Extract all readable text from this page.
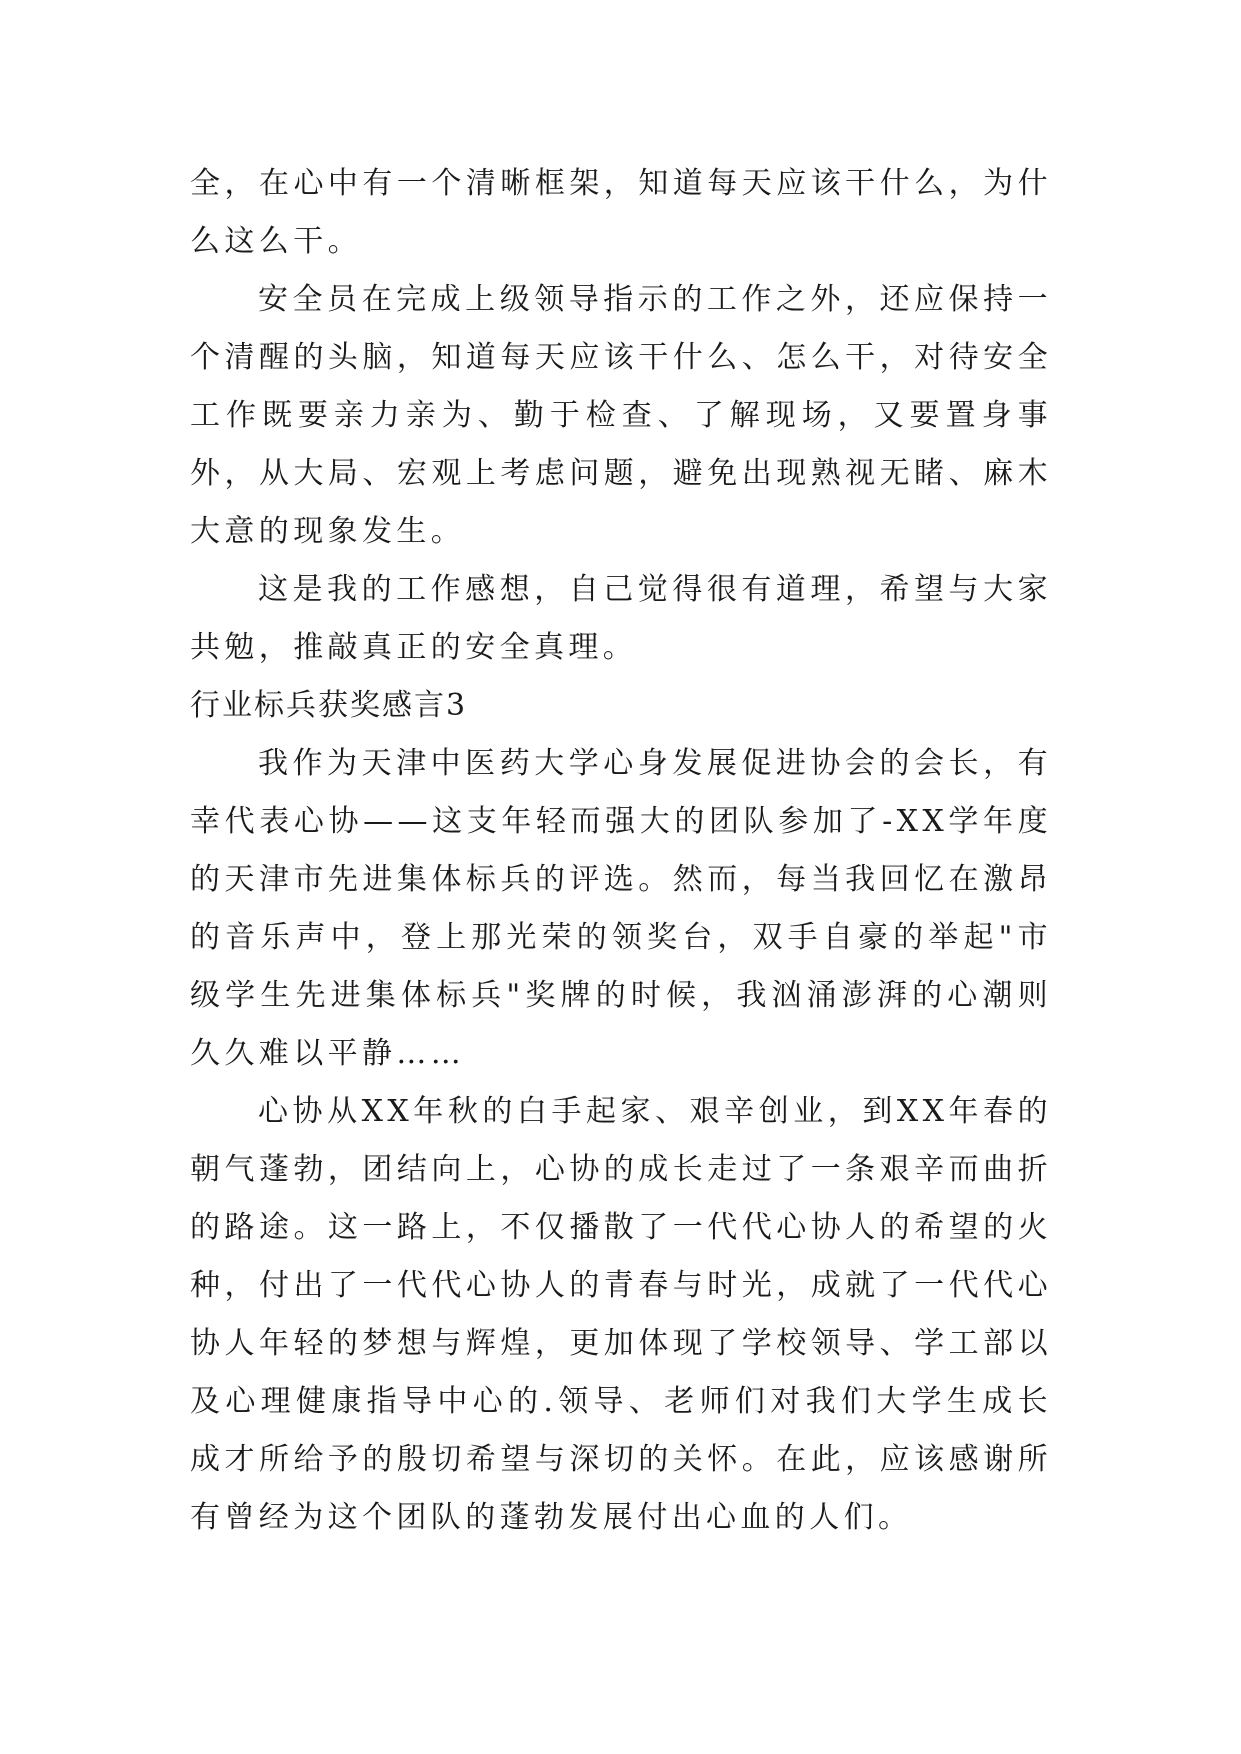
全，在心中有一个清晰框架，知道每天应该干什么，为什么这么干。

安全员在完成上级领导指示的工作之外，还应保持一个清醒的头脑，知道每天应该干什么、怎么干，对待安全工作既要亲力亲为、勤于检查、了解现场，又要置身事外，从大局、宏观上考虑问题，避免出现熟视无睹、麻木大意的现象发生。

这是我的工作感想，自己觉得很有道理，希望与大家共勉，推敲真正的安全真理。

行业标兵获奖感言3

我作为天津中医药大学心身发展促进协会的会长，有幸代表心协——这支年轻而强大的团队参加了-XX学年度的天津市先进集体标兵的评选。然而，每当我回忆在激昂的音乐声中，登上那光荣的领奖台，双手自豪的举起"市级学生先进集体标兵"奖牌的时候，我汹涌澎湃的心潮则久久难以平静……

心协从XX年秋的白手起家、艰辛创业，到XX年春的朝气蓬勃，团结向上，心协的成长走过了一条艰辛而曲折的路途。这一路上，不仅播散了一代代心协人的希望的火种，付出了一代代心协人的青春与时光，成就了一代代心协人年轻的梦想与辉煌，更加体现了学校领导、学工部以及心理健康指导中心的.领导、老师们对我们大学生成长成才所给予的殷切希望与深切的关怀。在此，应该感谢所有曾经为这个团队的蓬勃发展付出心血的人们。
